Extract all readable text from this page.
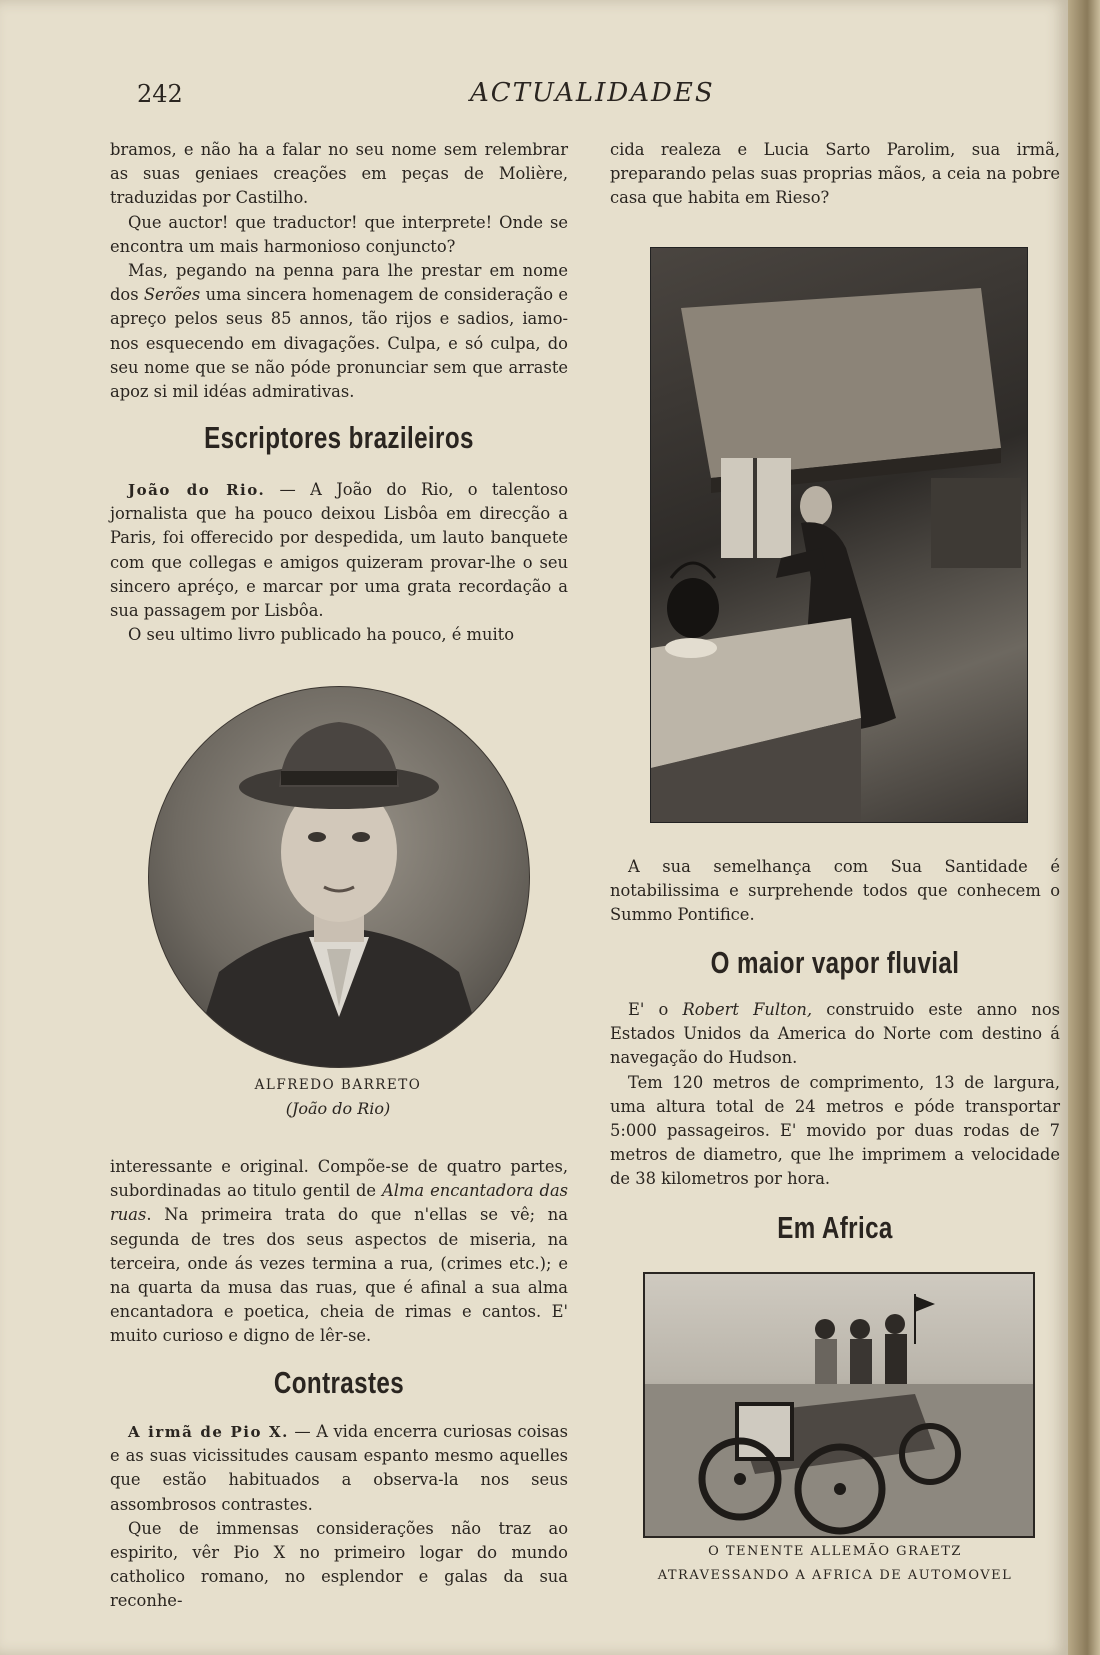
242	ACTUALIDADES

bramos, e não ha a falar no seu nome sem relembrar as suas geniaes creações em peças de Molière, traduzidas por Castilho.

Que auctor! que traductor! que interprete! Onde se encontra um mais harmonioso conjuncto?

Mas, pegando na penna para lhe prestar em nome dos Serões uma sincera homenagem de consideração e apreço pelos seus 85 annos, tão rijos e sadios, iamo-nos esquecendo em divagações. Culpa, e só culpa, do seu nome que se não póde pronunciar sem que arraste apoz si mil idéas admirativas.

Escriptores brazileiros

João do Rio. — A João do Rio, o talentoso jornalista que ha pouco deixou Lisbôa em direcção a Paris, foi offerecido por despedida, um lauto banquete com que collegas e amigos quizeram provar-lhe o seu sincero apréço, e marcar por uma grata recordação a sua passagem por Lisbôa.

O seu ultimo livro publicado ha pouco, é muito

ALFREDO BARRETO
(João do Rio)

interessante e original. Compõe-se de quatro partes, subordinadas ao titulo gentil de Alma encantadora das ruas. Na primeira trata do que n'ellas se vê; na segunda de tres dos seus aspectos de miseria, na terceira, onde ás vezes termina a rua, (crimes etc.); e na quarta da musa das ruas, que é afinal a sua alma encantadora e poetica, cheia de rimas e cantos. E' muito curioso e digno de lêr-se.

Contrastes

A irmã de Pio X. — A vida encerra curiosas coisas e as suas vicissitudes causam espanto mesmo aquelles que estão habituados a observa-la nos seus assombrosos contrastes.

Que de immensas considerações não traz ao espirito, vêr Pio X no primeiro logar do mundo catholico romano, no esplendor e galas da sua reconhe-

cida realeza e Lucia Sarto Parolim, sua irmã, preparando pelas suas proprias mãos, a ceia na pobre casa que habita em Rieso?

A sua semelhança com Sua Santidade é notabilissima e surprehende todos que conhecem o Summo Pontifice.

O maior vapor fluvial

E' o Robert Fulton, construido este anno nos Estados Unidos da America do Norte com destino á navegação do Hudson.

Tem 120 metros de comprimento, 13 de largura, uma altura total de 24 metros e póde transportar 5:000 passageiros. E' movido por duas rodas de 7 metros de diametro, que lhe imprimem a velocidade de 38 kilometros por hora.

Em Africa
O TENENTE ALLEMÃO GRAETZ
ATRAVESSANDO A AFRICA DE AUTOMOVEL
